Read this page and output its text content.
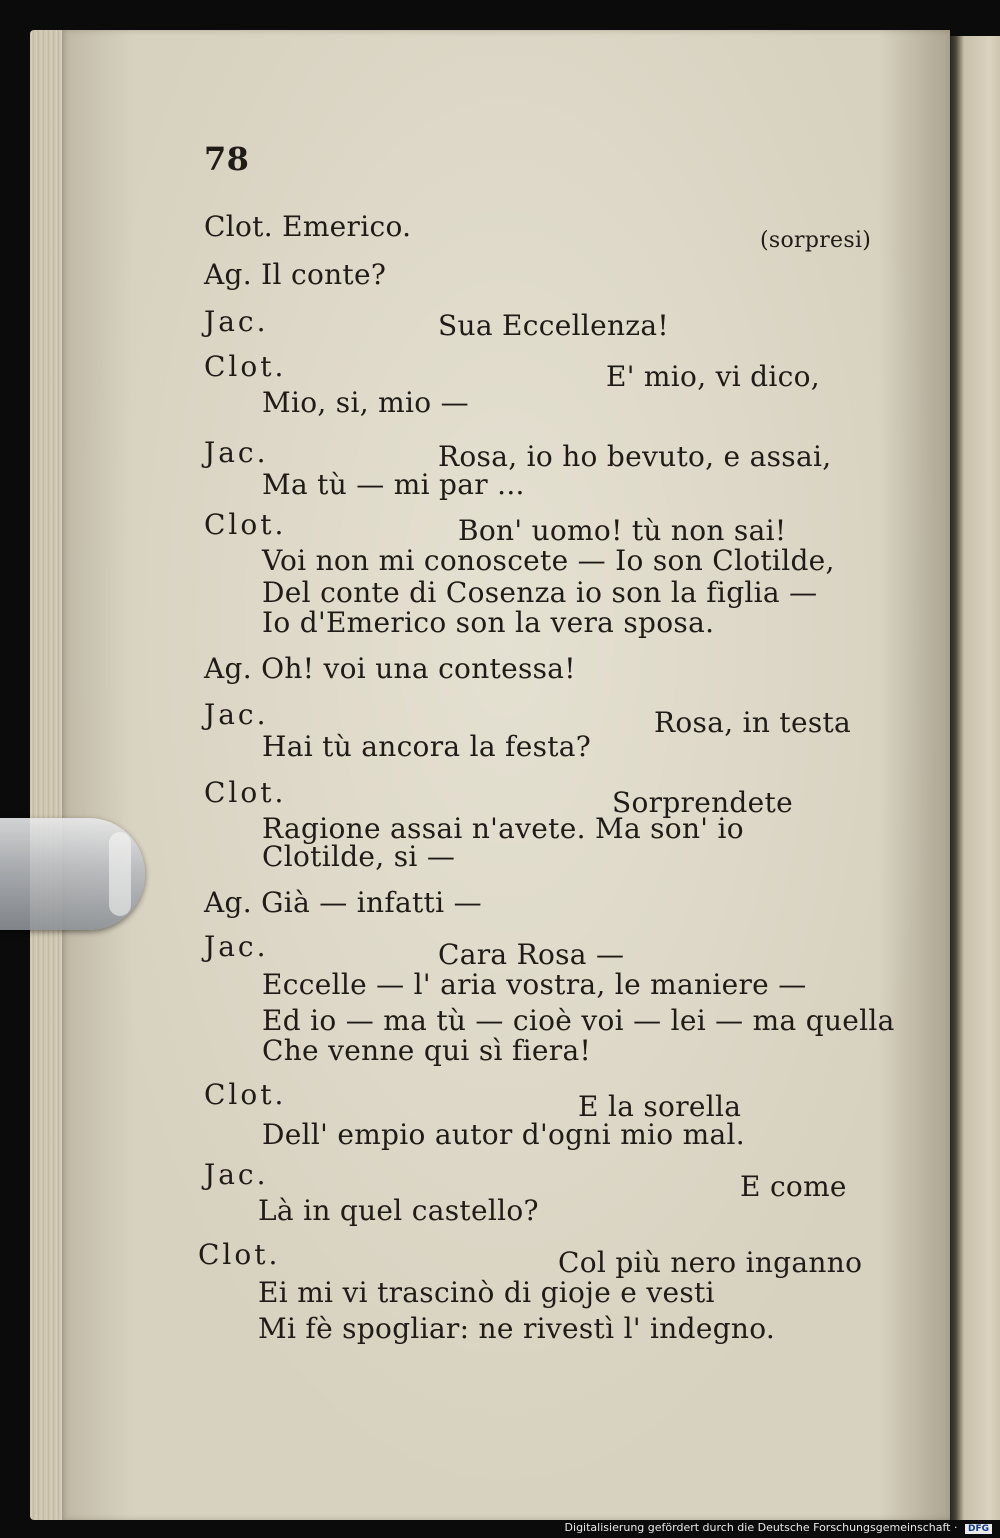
78
Clot. Emerico.	(sorpresi)
Ag. Il conte?
Jac.	Sua Eccellenza!
Clot.	E' mio, vi dico,
Mio, si, mio —
Jac.	Rosa, io ho bevuto, e assai,
Ma tù — mi par ...
Clot.	Bon' uomo! tù non sai!
Voi non mi conoscete — Io son Clotilde,
Del conte di Cosenza io son la figlia —
Io d'Emerico son la vera sposa.
Ag. Oh! voi una contessa!
Jac.	Rosa, in testa
Hai tù ancora la festa?
Clot.	Sorprendete
Ragione assai n'avete. Ma son' io
Clotilde, si —
Ag. Già — infatti —
Jac.	Cara Rosa —
Eccelle — l' aria vostra, le maniere —
Ed io — ma tù — cioè voi — lei — ma quella
Che venne qui sì fiera!
Clot.	E la sorella
Dell' empio autor d'ogni mio mal.
Jac.	E come
Là in quel castello?
Clot.	Col più nero inganno
Ei mi vi trascinò di gioje e vesti
Mi fè spogliar: ne rivestì l' indegno.
Digitalisierung gefördert durch die Deutsche Forschungsgemeinschaft · DFG
